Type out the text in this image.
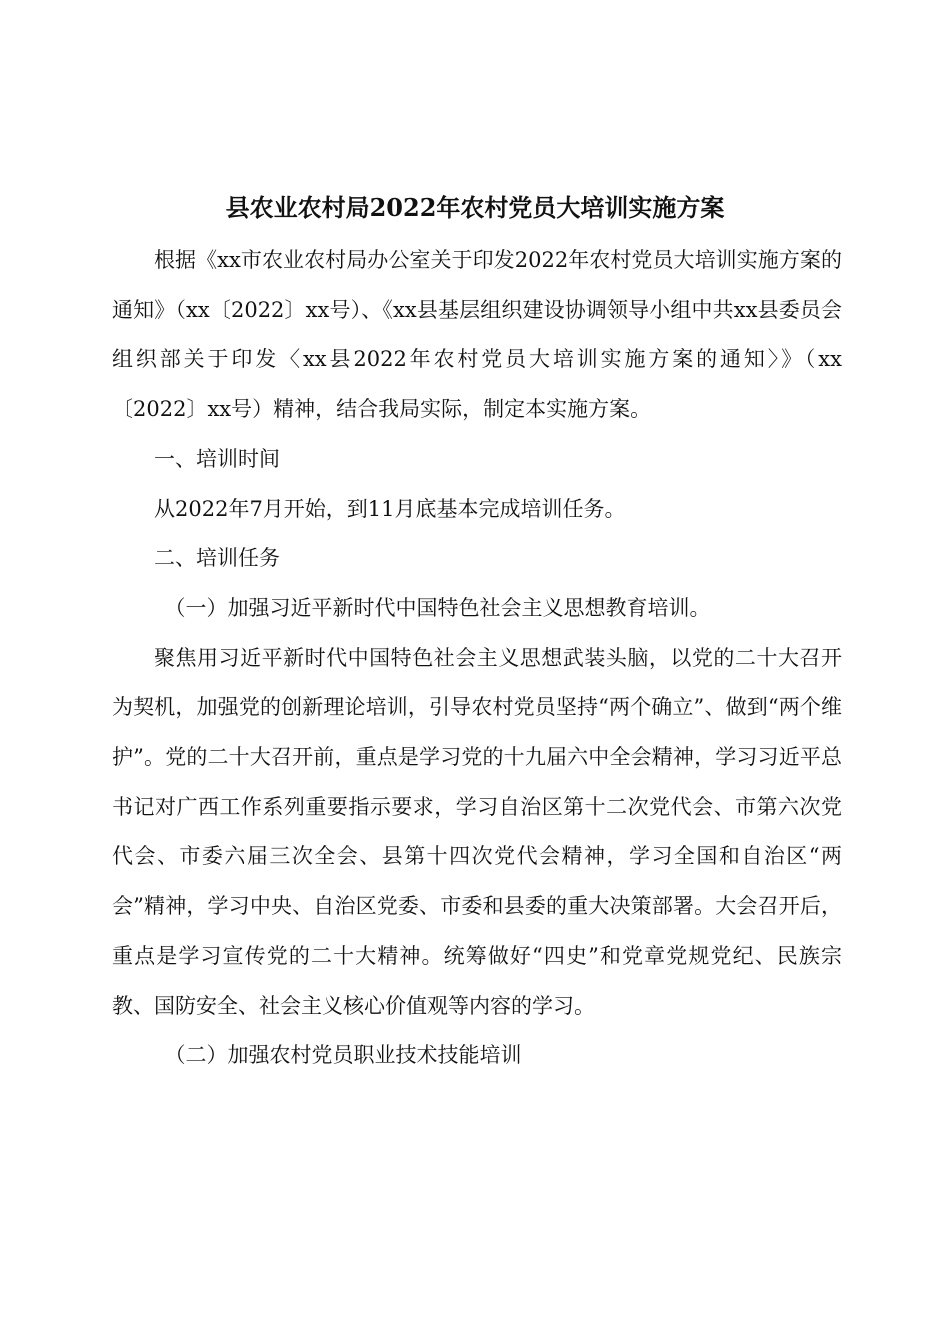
县农业农村局2022年农村党员大培训实施方案

根据《xx市农业农村局办公室关于印发2022年农村党员大培训实施方案的通知》（xx〔2022〕xx号）、《xx县基层组织建设协调领导小组中共xx县委员会组织部关于印发〈xx县2022年农村党员大培训实施方案的通知〉》（xx〔2022〕xx号）精神，结合我局实际，制定本实施方案。

一、培训时间

从2022年7月开始，到11月底基本完成培训任务。

二、培训任务

（一）加强习近平新时代中国特色社会主义思想教育培训。

聚焦用习近平新时代中国特色社会主义思想武装头脑，以党的二十大召开为契机，加强党的创新理论培训，引导农村党员坚持“两个确立”、做到“两个维护”。党的二十大召开前，重点是学习党的十九届六中全会精神，学习习近平总书记对广西工作系列重要指示要求，学习自治区第十二次党代会、市第六次党代会、市委六届三次全会、县第十四次党代会精神，学习全国和自治区“两会”精神，学习中央、自治区党委、市委和县委的重大决策部署。大会召开后，重点是学习宣传党的二十大精神。统筹做好“四史”和党章党规党纪、民族宗教、国防安全、社会主义核心价值观等内容的学习。

（二）加强农村党员职业技术技能培训
